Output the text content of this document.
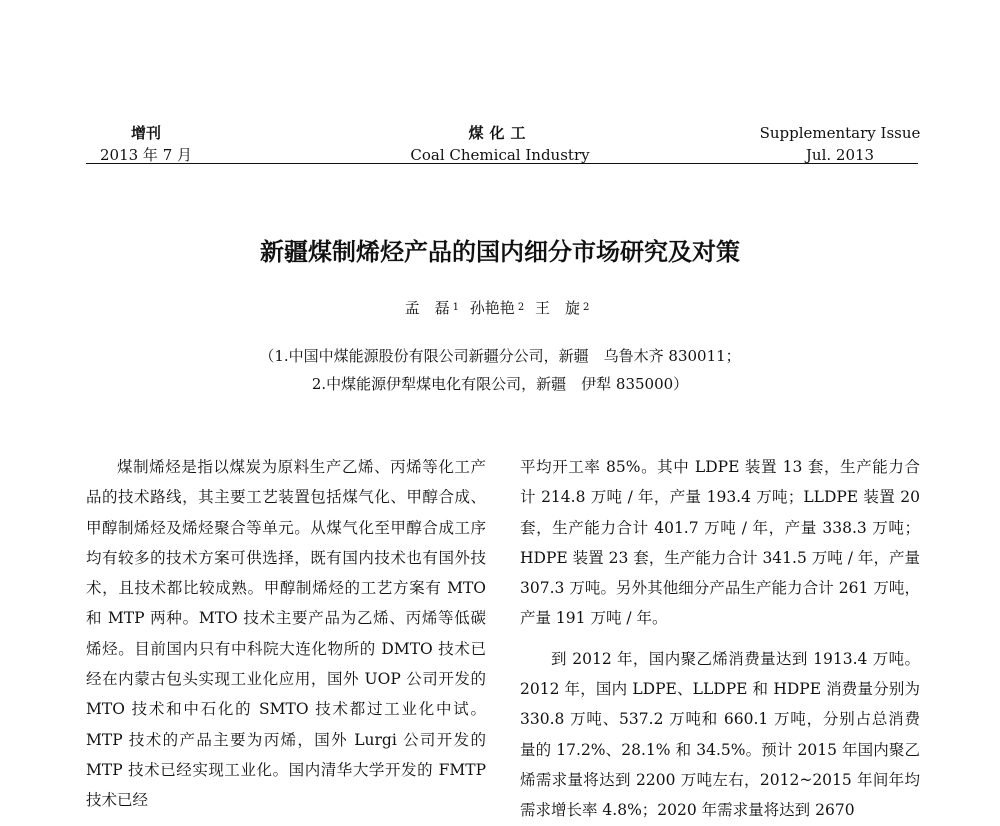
增刊
2013 年 7 月
煤化工
Coal Chemical Industry
Supplementary Issue
Jul. 2013
新疆煤制烯烃产品的国内细分市场研究及对策
孟　磊 $^1$ 孙艳艳 $^2$ 王　旋 $^2$
（1.中国中煤能源股份有限公司新疆分公司，新疆　乌鲁木齐 830011；
2.中煤能源伊犁煤电化有限公司，新疆　伊犁 835000）

煤制烯烃是指以煤炭为原料生产乙烯、丙烯等化工产品的技术路线，其主要工艺装置包括煤气化、甲醇合成、甲醇制烯烃及烯烃聚合等单元。从煤气化至甲醇合成工序均有较多的技术方案可供选择，既有国内技术也有国外技术，且技术都比较成熟。甲醇制烯烃的工艺方案有 MTO 和 MTP 两种。MTO 技术主要产品为乙烯、丙烯等低碳烯烃。目前国内只有中科院大连化物所的 DMTO 技术已经在内蒙古包头实现工业化应用，国外 UOP 公司开发的 MTO 技术和中石化的 SMTO 技术都过工业化中试。MTP 技术的产品主要为丙烯，国外 Lurgi 公司开发的 MTP 技术已经实现工业化。国内清华大学开发的 FMTP 技术已经

平均开工率 85%。其中 LDPE 装置 13 套，生产能力合计 214.8 万吨 / 年，产量 193.4 万吨；LLDPE 装置 20 套，生产能力合计 401.7 万吨 / 年，产量 338.3 万吨；HDPE 装置 23 套，生产能力合计 341.5 万吨 / 年，产量 307.3 万吨。另外其他细分产品生产能力合计 261 万吨，产量 191 万吨 / 年。

到 2012 年，国内聚乙烯消费量达到 1913.4 万吨。2012 年，国内 LDPE、LLDPE 和 HDPE 消费量分别为 330.8 万吨、537.2 万吨和 660.1 万吨，分别占总消费量的 17.2%、28.1% 和 34.5%。预计 2015 年国内聚乙烯需求量将达到 2200 万吨左右，2012~2015 年间年均需求增长率 4.8%；2020 年需求量将达到 2670
